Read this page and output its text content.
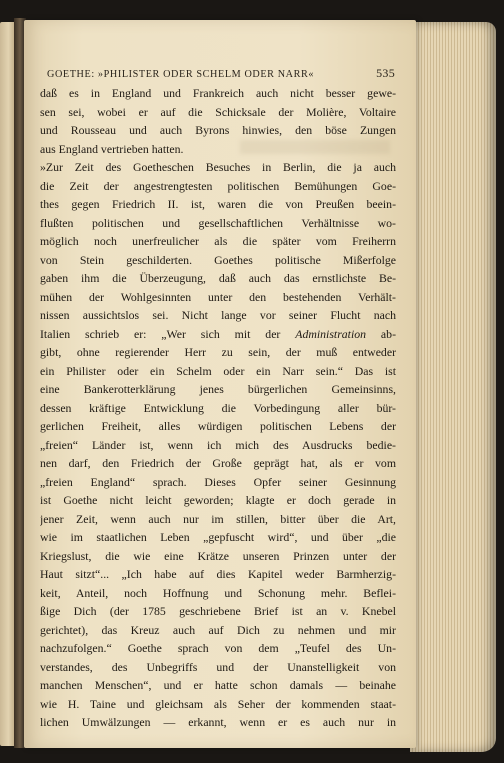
GOETHE: »PHILISTER ODER SCHELM ODER NARR«	535
daß es in England und Frankreich auch nicht besser gewe-
sen sei, wobei er auf die Schicksale der Molière, Voltaire
und Rousseau und auch Byrons hinwies, den böse Zungen
aus England vertrieben hatten.
»Zur Zeit des Goetheschen Besuches in Berlin, die ja auch
die Zeit der angestrengtesten politischen Bemühungen Goe-
thes gegen Friedrich II. ist, waren die von Preußen beein-
flußten politischen und gesellschaftlichen Verhältnisse wo-
möglich noch unerfreulicher als die später vom Freiherrn
von Stein geschilderten. Goethes politische Mißerfolge
gaben ihm die Überzeugung, daß auch das ernstlichste Be-
mühen der Wohlgesinnten unter den bestehenden Verhält-
nissen aussichtslos sei. Nicht lange vor seiner Flucht nach
Italien schrieb er: „Wer sich mit der Administration ab-
gibt, ohne regierender Herr zu sein, der muß entweder
ein Philister oder ein Schelm oder ein Narr sein.“ Das ist
eine Bankerotterklärung jenes bürgerlichen Gemeinsinns,
dessen kräftige Entwicklung die Vorbedingung aller bür-
gerlichen Freiheit, alles würdigen politischen Lebens der
„freien“ Länder ist, wenn ich mich des Ausdrucks bedie-
nen darf, den Friedrich der Große geprägt hat, als er vom
„freien England“ sprach. Dieses Opfer seiner Gesinnung
ist Goethe nicht leicht geworden; klagte er doch gerade in
jener Zeit, wenn auch nur im stillen, bitter über die Art,
wie im staatlichen Leben „gepfuscht wird“, und über „die
Kriegslust, die wie eine Krätze unseren Prinzen unter der
Haut sitzt“... „Ich habe auf dies Kapitel weder Barmherzig-
keit, Anteil, noch Hoffnung und Schonung mehr. Beflei-
ßige Dich (der 1785 geschriebene Brief ist an v. Knebel
gerichtet), das Kreuz auch auf Dich zu nehmen und mir
nachzufolgen.“ Goethe sprach von dem „Teufel des Un-
verstandes, des Unbegriffs und der Unanstelligkeit von
manchen Menschen“, und er hatte schon damals — beinahe
wie H. Taine und gleichsam als Seher der kommenden staat-
lichen Umwälzungen — erkannt, wenn er es auch nur in
